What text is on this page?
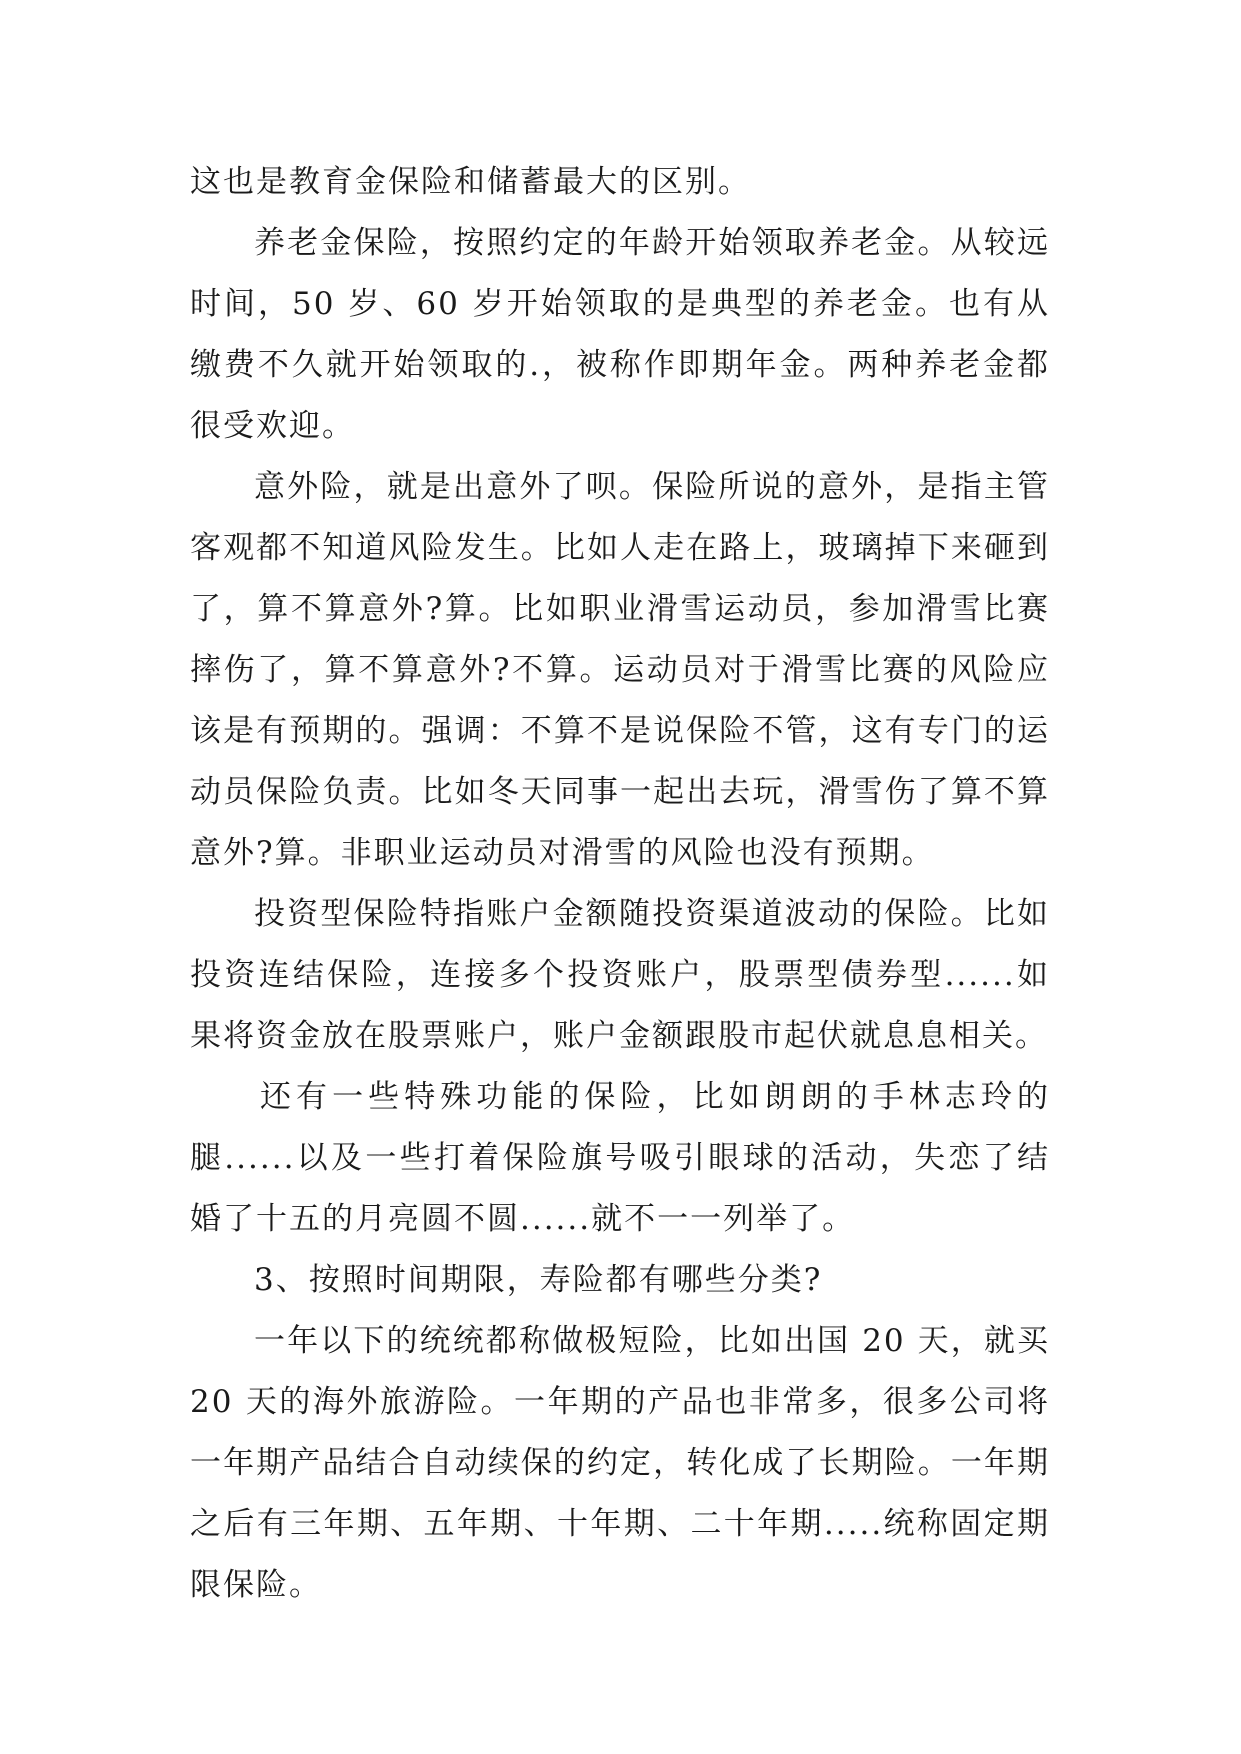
这也是教育金保险和储蓄最大的区别。

养老金保险，按照约定的年龄开始领取养老金。从较远时间，50 岁、60 岁开始领取的是典型的养老金。也有从缴费不久就开始领取的.，被称作即期年金。两种养老金都很受欢迎。

意外险，就是出意外了呗。保险所说的意外，是指主管客观都不知道风险发生。比如人走在路上，玻璃掉下来砸到了，算不算意外?算。比如职业滑雪运动员，参加滑雪比赛摔伤了，算不算意外?不算。运动员对于滑雪比赛的风险应该是有预期的。强调：不算不是说保险不管，这有专门的运动员保险负责。比如冬天同事一起出去玩，滑雪伤了算不算意外?算。非职业运动员对滑雪的风险也没有预期。

投资型保险特指账户金额随投资渠道波动的保险。比如投资连结保险，连接多个投资账户，股票型债券型......如果将资金放在股票账户，账户金额跟股市起伏就息息相关。

还有一些特殊功能的保险，比如朗朗的手林志玲的腿......以及一些打着保险旗号吸引眼球的活动，失恋了结婚了十五的月亮圆不圆......就不一一列举了。

3、按照时间期限，寿险都有哪些分类?

一年以下的统统都称做极短险，比如出国 20 天，就买 20 天的海外旅游险。一年期的产品也非常多，很多公司将一年期产品结合自动续保的约定，转化成了长期险。一年期之后有三年期、五年期、十年期、二十年期.....统称固定期限保险。
